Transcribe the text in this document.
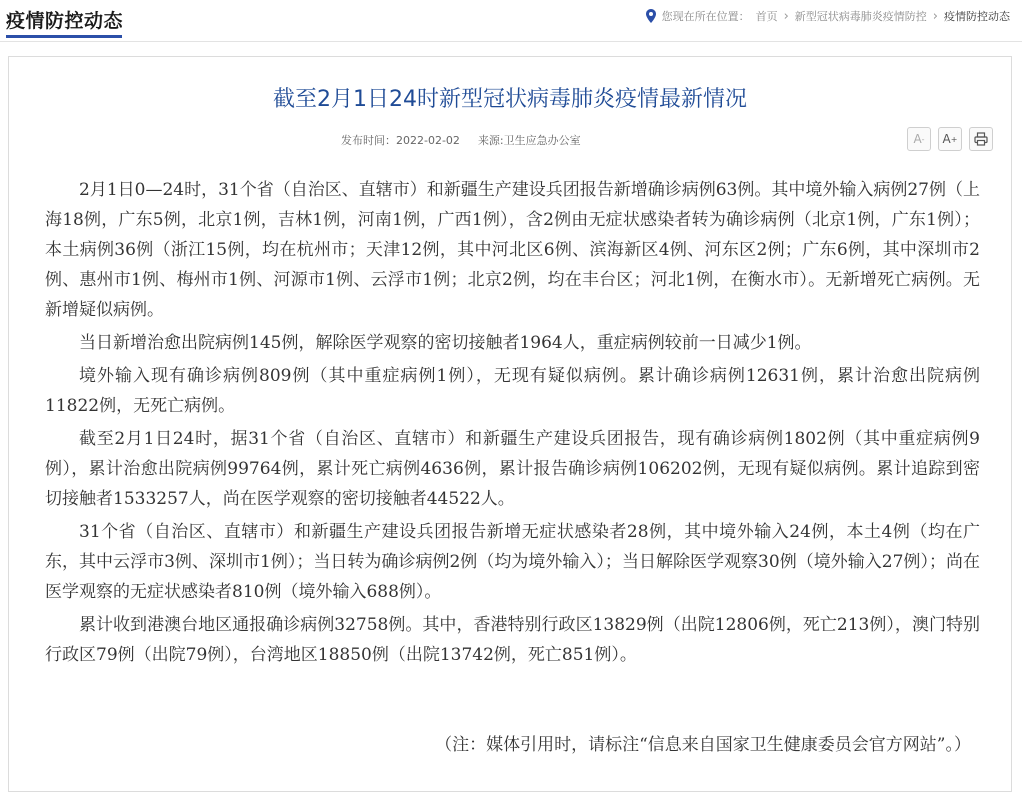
疫情防控动态	您现在所在位置： 首页 › 新型冠状病毒肺炎疫情防控 › 疫情防控动态
截至2月1日24时新型冠状病毒肺炎疫情最新情况
发布时间：2022-02-02 来源:卫生应急办公室	A - A +

2月1日0—24时，31个省（自治区、直辖市）和新疆生产建设兵团报告新增确诊病例63例。其中境外输入病例27例（上海18例，广东5例，北京1例，吉林1例，河南1例，广西1例），含2例由无症状感染者转为确诊病例（北京1例，广东1例）；本土病例36例（浙江15例，均在杭州市；天津12例，其中河北区6例、滨海新区4例、河东区2例；广东6例，其中深圳市2例、惠州市1例、梅州市1例、河源市1例、云浮市1例；北京2例，均在丰台区；河北1例，在衡水市）。无新增死亡病例。无新增疑似病例。

当日新增治愈出院病例145例，解除医学观察的密切接触者1964人，重症病例较前一日减少1例。

境外输入现有确诊病例809例（其中重症病例1例），无现有疑似病例。累计确诊病例12631例，累计治愈出院病例11822例，无死亡病例。

截至2月1日24时，据31个省（自治区、直辖市）和新疆生产建设兵团报告，现有确诊病例1802例（其中重症病例9例），累计治愈出院病例99764例，累计死亡病例4636例，累计报告确诊病例106202例，无现有疑似病例。累计追踪到密切接触者1533257人，尚在医学观察的密切接触者44522人。

31个省（自治区、直辖市）和新疆生产建设兵团报告新增无症状感染者28例，其中境外输入24例，本土4例（均在广东，其中云浮市3例、深圳市1例）；当日转为确诊病例2例（均为境外输入）；当日解除医学观察30例（境外输入27例）；尚在医学观察的无症状感染者810例（境外输入688例）。

累计收到港澳台地区通报确诊病例32758例。其中，香港特别行政区13829例（出院12806例，死亡213例），澳门特别行政区79例（出院79例），台湾地区18850例（出院13742例，死亡851例）。

（注：媒体引用时，请标注“信息来自国家卫生健康委员会官方网站”。）
